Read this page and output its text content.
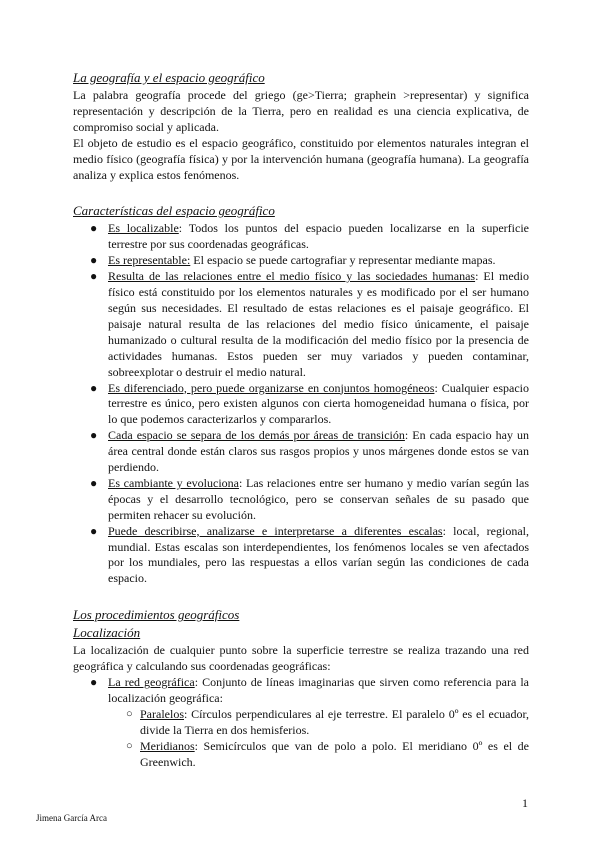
La geografía y el espacio geográfico

La palabra geografía procede del griego (ge>Tierra; graphein >representar) y significa representación y descripción de la Tierra, pero en realidad es una ciencia explicativa, de compromiso social y aplicada.

El objeto de estudio es el espacio geográfico, constituido por elementos naturales integran el medio físico (geografía física) y por la intervención humana (geografía humana). La geografía analiza y explica estos fenómenos.

Características del espacio geográfico
● Es localizable: Todos los puntos del espacio pueden localizarse en la superficie terrestre por sus coordenadas geográficas.
● Es representable: El espacio se puede cartografiar y representar mediante mapas.
● Resulta de las relaciones entre el medio físico y las sociedades humanas: El medio físico está constituido por los elementos naturales y es modificado por el ser humano según sus necesidades. El resultado de estas relaciones es el paisaje geográfico. El paisaje natural resulta de las relaciones del medio físico únicamente, el paisaje humanizado o cultural resulta de la modificación del medio físico por la presencia de actividades humanas. Estos pueden ser muy variados y pueden contaminar, sobreexplotar o destruir el medio natural.
● Es diferenciado, pero puede organizarse en conjuntos homogéneos: Cualquier espacio terrestre es único, pero existen algunos con cierta homogeneidad humana o física, por lo que podemos caracterizarlos y compararlos.
● Cada espacio se separa de los demás por áreas de transición: En cada espacio hay un área central donde están claros sus rasgos propios y unos márgenes donde estos se van perdiendo.
● Es cambiante y evoluciona: Las relaciones entre ser humano y medio varían según las épocas y el desarrollo tecnológico, pero se conservan señales de su pasado que permiten rehacer su evolución.
● Puede describirse, analizarse e interpretarse a diferentes escalas: local, regional, mundial. Estas escalas son interdependientes, los fenómenos locales se ven afectados por los mundiales, pero las respuestas a ellos varían según las condiciones de cada espacio.
Los procedimientos geográficos
Localización

La localización de cualquier punto sobre la superficie terrestre se realiza trazando una red geográfica y calculando sus coordenadas geográficas:

● La red geográfica: Conjunto de líneas imaginarias que sirven como referencia para la localización geográfica:
○ Paralelos: Círculos perpendiculares al eje terrestre. El paralelo 0º es el ecuador, divide la Tierra en dos hemisferios.
○ Meridianos: Semicírculos que van de polo a polo. El meridiano 0º es el de Greenwich.
1
Jimena García Arca
